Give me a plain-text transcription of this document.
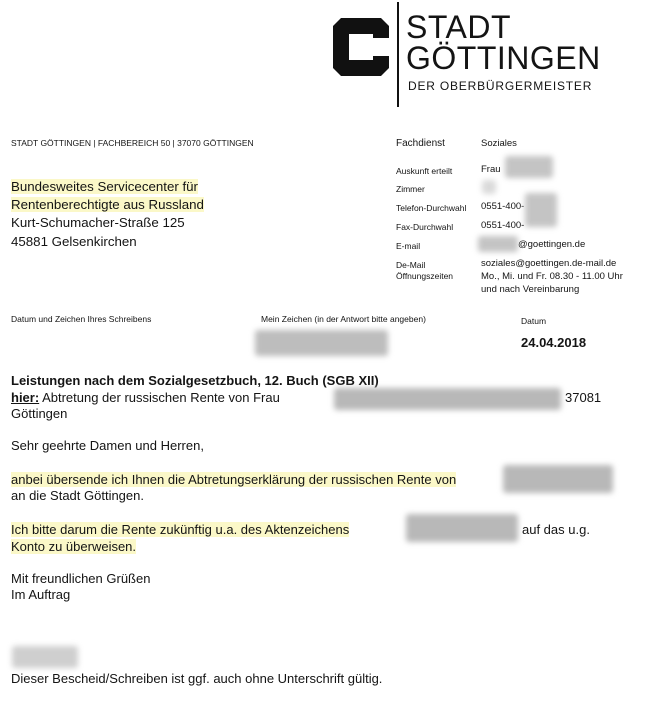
STADT
GÖTTINGEN
DER OBERBÜRGERMEISTER
STADT GÖTTINGEN | FACHBEREICH 50 | 37070 GÖTTINGEN
Bundesweites Servicecenter für
Rentenberechtigte aus Russland
Kurt-Schumacher-Straße 125
45881 Gelsenkirchen
Fachdienst	Soziales
Auskunft erteilt	Frau
Zimmer
Telefon-Durchwahl 0551-400-
Fax-Durchwahl	0551-400-
E-mail	@goettingen.de
De-Mail	soziales@goettingen.de-mail.de
Öffnungszeiten	Mo., Mi. und Fr. 08.30 - 11.00 Uhr
und nach Vereinbarung
Datum und Zeichen Ihres Schreibens	Mein Zeichen (in der Antwort bitte angeben)	Datum
24.04.2018
Leistungen nach dem Sozialgesetzbuch, 12. Buch (SGB XII)
hier: Abtretung der russischen Rente von Frau	37081
Göttingen
Sehr geehrte Damen und Herren,
anbei übersende ich Ihnen die Abtretungserklärung der russischen Rente von
an die Stadt Göttingen.
Ich bitte darum die Rente zukünftig u.a. des Aktenzeichens	auf das u.g.
Konto zu überweisen.
Mit freundlichen Grüßen
Im Auftrag
Dieser Bescheid/Schreiben ist ggf. auch ohne Unterschrift gültig.
